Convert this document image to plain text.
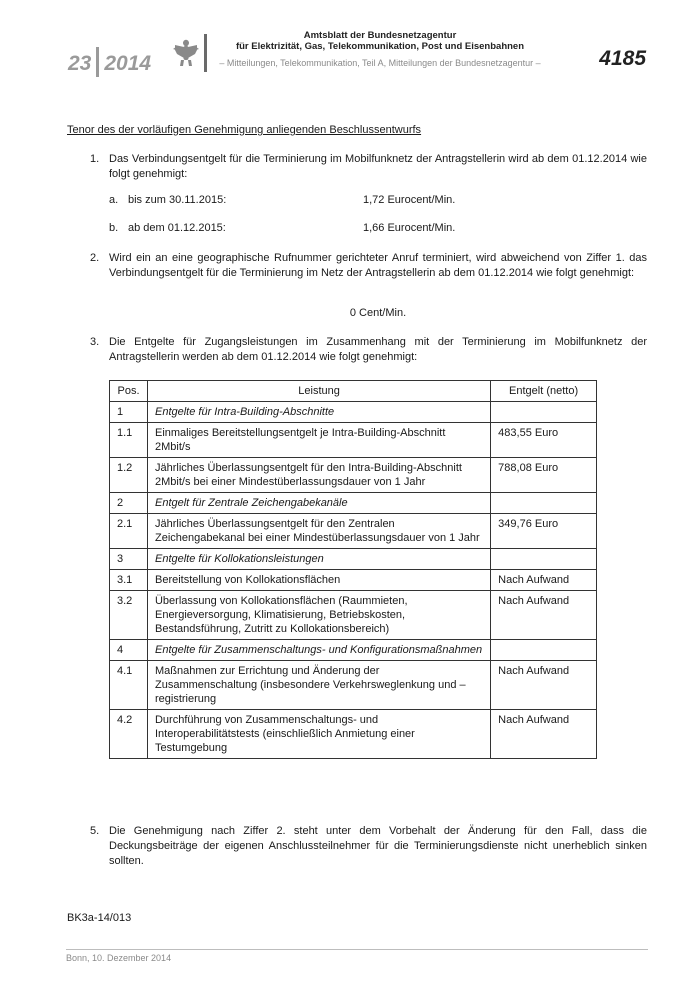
23 2014
Amtsblatt der Bundesnetzagentur
für Elektrizität, Gas, Telekommunikation, Post und Eisenbahnen
– Mitteilungen, Telekommunikation, Teil A, Mitteilungen der Bundesnetzagentur –	4185
Tenor des der vorläufigen Genehmigung anliegenden Beschlussentwurfs
1. Das Verbindungsentgelt für die Terminierung im Mobilfunknetz der Antragstellerin wird ab dem 01.12.2014 wie folgt genehmigt:
a. bis zum 30.11.2015:	1,72 Eurocent/Min.
b. ab dem 01.12.2015:	1,66 Eurocent/Min.
2. Wird ein an eine geographische Rufnummer gerichteter Anruf terminiert, wird abweichend von Ziffer 1. das Verbindungsentgelt für die Terminierung im Netz der Antragstellerin ab dem 01.12.2014 wie folgt genehmigt:
0 Cent/Min.
3. Die Entgelte für Zugangsleistungen im Zusammenhang mit der Terminierung im Mobilfunknetz der Antragstellerin werden ab dem 01.12.2014 wie folgt genehmigt:
Pos.	Leistung	Entgelt (netto)
1	Entgelte für Intra-Building-Abschnitte	
1.1	Einmaliges Bereitstellungsentgelt je Intra-Building-Abschnitt 2Mbit/s	483,55 Euro
1.2	Jährliches Überlassungsentgelt für den Intra-Building-Abschnitt 2Mbit/s bei einer Mindestüberlassungsdauer von 1 Jahr	788,08 Euro
2	Entgelt für Zentrale Zeichengabekanäle	
2.1	Jährliches Überlassungsentgelt für den Zentralen Zeichengabekanal bei einer Mindestüberlassungsdauer von 1 Jahr	349,76 Euro
3	Entgelte für Kollokationsleistungen	
3.1	Bereitstellung von Kollokationsflächen	Nach Aufwand
3.2	Überlassung von Kollokationsflächen (Raummieten, Energieversorgung, Klimatisierung, Betriebskosten, Bestandsführung, Zutritt zu Kollokationsbereich)	Nach Aufwand
4	Entgelte für Zusammenschaltungs- und Konfigurationsmaßnahmen	
4.1	Maßnahmen zur Errichtung und Änderung der Zusammenschaltung (insbesondere Verkehrsweglenkung und –registrierung	Nach Aufwand
4.2	Durchführung von Zusammenschaltungs- und Interoperabilitätstests (einschließlich Anmietung einer Testumgebung	Nach Aufwand
5. Die Genehmigung nach Ziffer 2. steht unter dem Vorbehalt der Änderung für den Fall, dass die Deckungsbeiträge der eigenen Anschlussteilnehmer für die Terminierungsdienste nicht unerheblich sinken sollten.
BK3a-14/013
Bonn, 10. Dezember 2014
